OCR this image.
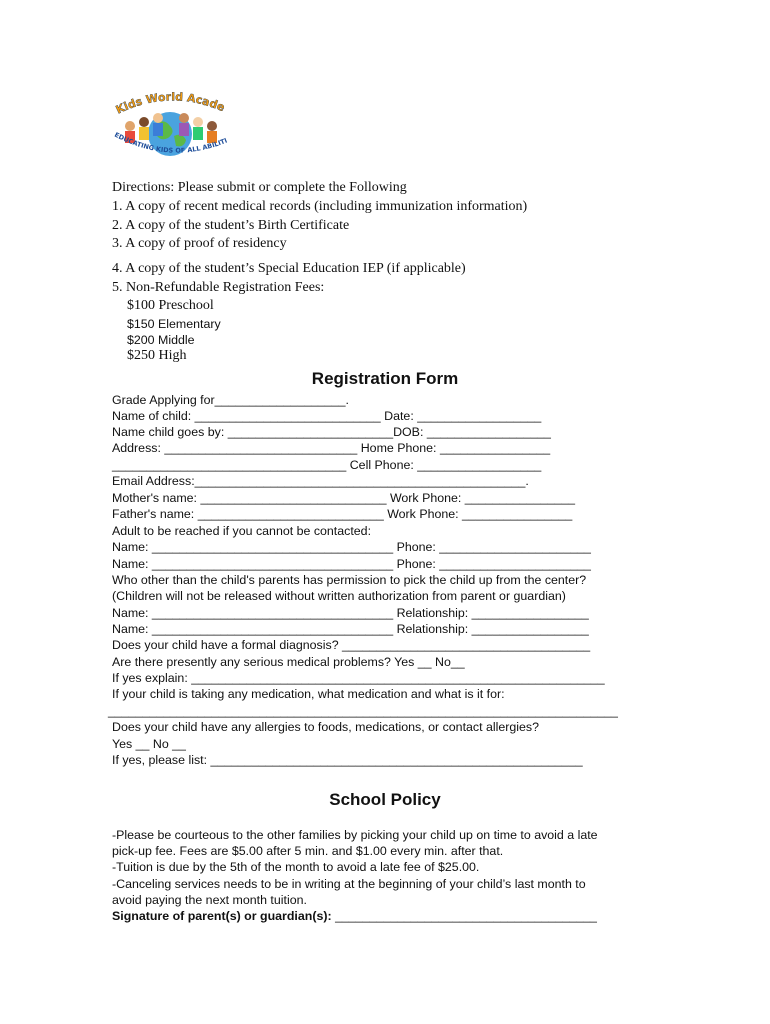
Kids World Acade
EDUCATING KIDS OF ALL ABILITI
Directions: Please submit or complete the Following
1. A copy of recent medical records (including immunization information)
2. A copy of the student’s Birth Certificate
3. A copy of proof of residency
4. A copy of the student’s Special Education IEP (if applicable)
5. Non-Refundable Registration Fees:
$100 Preschool
$150 Elementary
$200 Middle
$250 High
Registration Form
Grade Applying for___________________.
Name of child: ___________________________ Date: __________________
Name child goes by: ________________________DOB: __________________
Address: ____________________________ Home Phone: ________________
__________________________________ Cell Phone: __________________
Email Address:________________________________________________.
Mother's name: ___________________________ Work Phone: ________________
Father's name: ___________________________ Work Phone: ________________
Adult to be reached if you cannot be contacted:
Name: ___________________________________ Phone: ______________________
Name: ___________________________________ Phone: ______________________
Who other than the child's parents has permission to pick the child up from the center?
(Children will not be released without written authorization from parent or guardian)
Name: ___________________________________ Relationship: _________________
Name: ___________________________________ Relationship: _________________
Does your child have a formal diagnosis? ____________________________________
Are there presently any serious medical problems? Yes __ No__
If yes explain: ____________________________________________________________
If your child is taking any medication, what medication and what is it for:
__________________________________________________________________________
Does your child have any allergies to foods, medications, or contact allergies?
Yes __ No __
If yes, please list: ______________________________________________________
School Policy
-Please be courteous to the other families by picking your child up on time to avoid a late
pick-up fee. Fees are $5.00 after 5 min. and $1.00 every min. after that.
-Tuition is due by the 5th of the month to avoid a late fee of $25.00.
-Canceling services needs to be in writing at the beginning of your child’s last month to
avoid paying the next month tuition.
Signature of parent(s) or guardian(s): ______________________________________
